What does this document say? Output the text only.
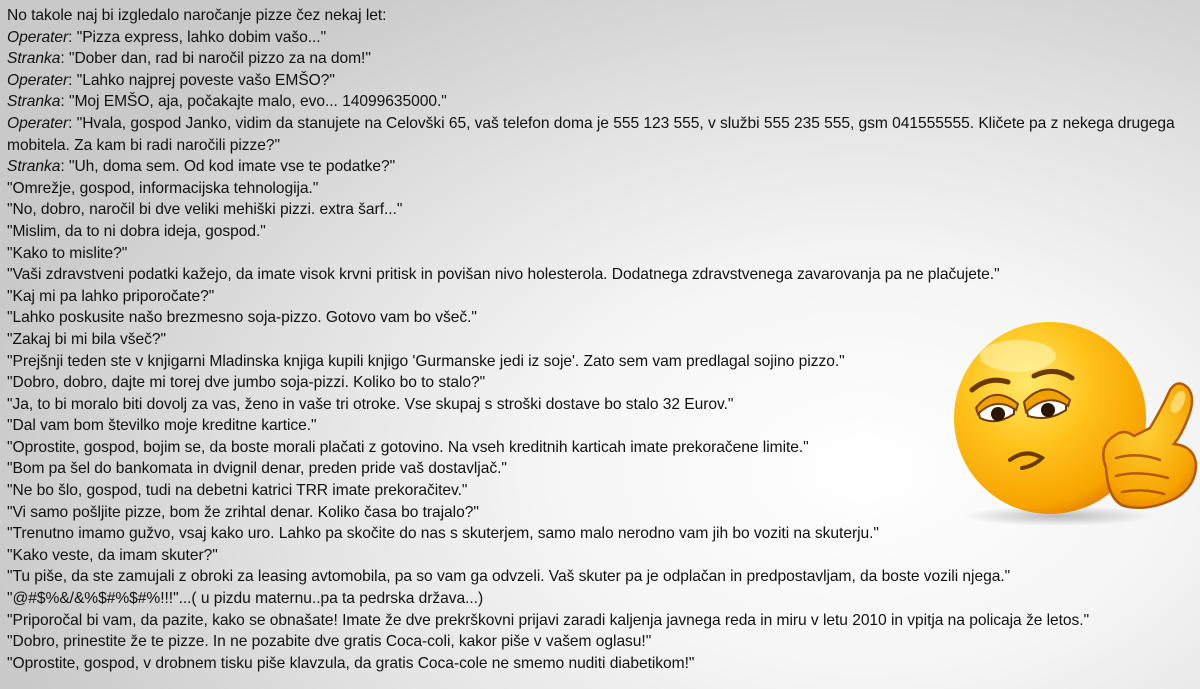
No takole naj bi izgledalo naročanje pizze čez nekaj let:
Operater: "Pizza express, lahko dobim vašo..."
Stranka: "Dober dan, rad bi naročil pizzo za na dom!"
Operater: "Lahko najprej poveste vašo EMŠO?"
Stranka: "Moj EMŠO, aja, počakajte malo, evo... 14099635000."
Operater: "Hvala, gospod Janko, vidim da stanujete na Celovški 65, vaš telefon doma je 555 123 555, v službi 555 235 555, gsm 041555555. Kličete pa z nekega drugega mobitela. Za kam bi radi naročili pizze?"
Stranka: "Uh, doma sem. Od kod imate vse te podatke?"
"Omrežje, gospod, informacijska tehnologija."
"No, dobro, naročil bi dve veliki mehiški pizzi. extra šarf..."
"Mislim, da to ni dobra ideja, gospod."
"Kako to mislite?"
"Vaši zdravstveni podatki kažejo, da imate visok krvni pritisk in povišan nivo holesterola. Dodatnega zdravstvenega zavarovanja pa ne plačujete."
"Kaj mi pa lahko priporočate?"
"Lahko poskusite našo brezmesno soja-pizzo. Gotovo vam bo všeč."
"Zakaj bi mi bila všeč?"
"Prejšnji teden ste v knjigarni Mladinska knjiga kupili knjigo 'Gurmanske jedi iz soje'. Zato sem vam predlagal sojino pizzo."
"Dobro, dobro, dajte mi torej dve jumbo soja-pizzi. Koliko bo to stalo?"
"Ja, to bi moralo biti dovolj za vas, ženo in vaše tri otroke. Vse skupaj s stroški dostave bo stalo 32 Eurov."
"Dal vam bom številko moje kreditne kartice."
"Oprostite, gospod, bojim se, da boste morali plačati z gotovino. Na vseh kreditnih karticah imate prekoračene limite."
"Bom pa šel do bankomata in dvignil denar, preden pride vaš dostavljač."
"Ne bo šlo, gospod, tudi na debetni katrici TRR imate prekoračitev."
"Vi samo pošljite pizze, bom že zrihtal denar. Koliko časa bo trajalo?"
"Trenutno imamo gužvo, vsaj kako uro. Lahko pa skočite do nas s skuterjem, samo malo nerodno vam jih bo voziti na skuterju."
"Kako veste, da imam skuter?"
"Tu piše, da ste zamujali z obroki za leasing avtomobila, pa so vam ga odvzeli. Vaš skuter pa je odplačan in predpostavljam, da boste vozili njega."
"@#$%&/&%$#%$#%!!!"...( u pizdu maternu..pa ta pedrska država...)
"Priporočal bi vam, da pazite, kako se obnašate! Imate že dve prekrškovni prijavi zaradi kaljenja javnega reda in miru v letu 2010 in vpitja na policaja že letos."
"Dobro, prinestite že te pizze. In ne pozabite dve gratis Coca-coli, kakor piše v vašem oglasu!"
"Oprostite, gospod, v drobnem tisku piše klavzula, da gratis Coca-cole ne smemo nuditi diabetikom!"
